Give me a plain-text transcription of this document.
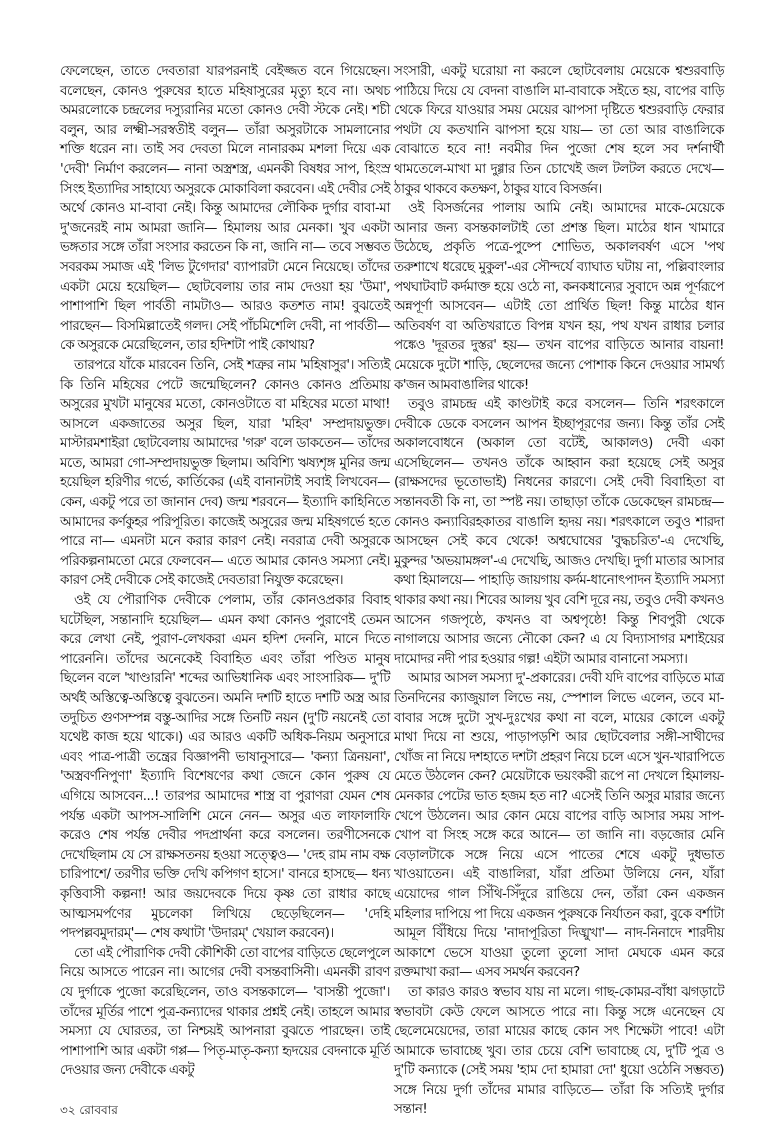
ফেলেছেন, তাতে দেবতারা যারপরনাই বেইজ্জত বনে গিয়েছেন। বলেছেন, কোনও পুরুষের হাতে মহিষাসুরের মৃত্যু হবে না। অথচ অমরলোকে চন্দ্রলের দস্যুরানির মতো কোনও দেবী স্টকে নেই। শচী বলুন, আর লক্ষ্মী-সরস্বতীই বলুন— তাঁরা অসুরটাকে সামলানোর শক্তি ধরেন না। তাই সব দেবতা মিলে নানারকম মশলা দিয়ে এক 'দেবী' নির্মাণ করলেন— নানা অস্ত্রশস্ত্র, এমনকী বিষধর সাপ, হিংস্র সিংহ ইত্যাদির সাহায্যে অসুরকে মোকাবিলা করবেন। এই দেবীর সেই অর্থে কোনও মা-বাবা নেই। কিন্তু আমাদের লৌকিক দুর্গার বাবা-মা দু'জনেরই নাম আমরা জানি— হিমালয় আর মেনকা। খুব একটা ভঙ্গতার সঙ্গে তাঁরা সংসার করতেন কি না, জানি না— তবে সম্ভবত সবরকম সমাজ এই 'লিভ টুগেদার' ব্যাপারটা মেনে নিয়েছে। তাঁদের একটা মেয়ে হয়েছিল— ছোটবেলায় তার নাম দেওয়া হয় 'উমা', পাশাপাশি ছিল পার্বতী নামটাও— আরও কতশত নাম! বুঝতেই পারছেন— বিসমিল্লাতেই গলদ। সেই পাঁচমিশেলি দেবী, না পার্বতী— কে অসুরকে মেরেছিলেন, তার হদিশটা পাই কোথায়?

তারপরে যাঁকে মারবেন তিনি, সেই শত্রুর নাম 'মহিষাসুর'। সত্যিই কি তিনি মহিষের পেটে জন্মেছিলেন? কোনও কোনও প্রতিমায় অসুরের মুখটা মানুষের মতো, কোনওটাতে বা মহিষের মতো মাথা! আসলে একজাতের অসুর ছিল, যারা 'মহিব' সম্প্রদায়ভুক্ত। মাস্টারমশাইরা ছোটবেলায় আমাদের 'গরু' বলে ডাকতেন— তাঁদের মতে, আমরা গো-সম্প্রদায়ভুক্ত ছিলাম। অবিশ্যি ঋষ্যশৃঙ্গ মুনির জন্ম হয়েছিল হরিণীর গর্ভে, কার্তিকের (এই বানানটাই সবাই লিখবেন— কেন, একটু পরে তা জানান দেব) জন্ম শরবনে— ইত্যাদি কাহিনিতে আমাদের কর্ণকুহর পরিপূরিত। কাজেই অসুরের জন্ম মহিষগর্ভে হতে পারে না— এমনটা মনে করার কারণ নেই। নবরাত্র দেবী অসুরকে পরিকল্পনামতো মেরে ফেলবেন— এতে আমার কোনও সমস্যা নেই। কারণ সেই দেবীকে সেই কাজেই দেবতারা নিযুক্ত করেছেন।

ওই যে পৌরাণিক দেবীকে পেলাম, তাঁর কোনওপ্রকার বিবাহ ঘটেছিল, সন্তানাদি হয়েছিল— এমন কথা কোনও পুরাণেই তেমন করে লেখা নেই, পুরাণ-লেখকরা এমন হদিশ দেননি, মানে দিতে পারেননি। তাঁদের অনেকেই বিবাহিত এবং তাঁরা পণ্ডিত মানুষ ছিলেন বলে 'খাণ্ডারনি' শব্দের আভিধানিক এবং সাংসারিক— দু'টি অর্থই অস্তিত্বে-অস্তিত্বে বুঝতেন। অমনি দশটি হাতে দশটি অস্ত্র আর তদুচিত গুণসম্পন্ন বস্তু-আদির সঙ্গে তিনটি নয়ন (দু'টি নয়নেই তো যথেষ্ট কাজ হয়ে থাকে।) এর আরও একটি অধিক-নিয়ম অনুসারে এবং পাত্র-পাত্রী তন্ত্রের বিজ্ঞাপনী ভাষানুসারে— 'কন্যা ত্রিনয়না', 'অস্ত্রবর্ণনিপুণা' ইত্যাদি বিশেষণের কথা জেনে কোন পুরুষ যে এগিয়ে আসবেন...! তারপর আমাদের শাস্ত্র বা পুরাণরা যেমন শেষ পর্যন্ত একটা আপস-সালিশি মেনে নেন— অসুর এত লাফালাফি করেও শেষ পর্যন্ত দেবীর পদপ্রার্থনা করে বসলেন। তরণীসেনকে দেখেছিলাম যে সে রাক্ষসতনয় হওয়া সত্ত্বেও— 'দেহ রাম নাম বক্ষ চারিপাশে/ তরণীর ভক্তি দেখি কপিগণ হাসে।' বানরে হাসছে— ধন্য কৃত্তিবাসী কল্পনা! আর জয়দেবকে দিয়ে কৃষ্ণ তো রাধার কাছে আত্মসমর্পণের মুচলেকা লিখিয়ে ছেড়েছিলেন— 'দেহি পদপল্লবমুদারম্'— শেষ কথাটা 'উদারম্' খেয়াল করবেন)।

তো এই পৌরাণিক দেবী কৌশিকী তো বাপের বাড়িতে ছেলেপুলে নিয়ে আসতে পারেন না। আগের দেবী বসন্তবাসিনী। এমনকী রাবণ যে দুর্গাকে পুজো করেছিলেন, তাও বসন্তকালে— 'বাসন্তী পুজো'। তাঁদের মূর্তির পাশে পুত্র-কন্যাদের থাকার প্রশ্নই নেই। তাহলে আমার সমস্যা যে ঘোরতর, তা নিশ্চয়ই আপনারা বুঝতে পারছেন। তাই পাশাপাশি আর একটা গপ্প— পিতৃ-মাতৃ-কন্যা হৃদয়ের বেদনাকে মূর্তি দেওয়ার জন্য দেবীকে একটু

সংসারী, একটু ঘরোয়া না করলে ছোটবেলায় মেয়েকে শ্বশুরবাড়ি পাঠিয়ে দিয়ে যে বেদনা বাঙালি মা-বাবাকে সইতে হয়, বাপের বাড়ি থেকে ফিরে যাওয়ার সময় মেয়ের ঝাপসা দৃষ্টিতে শ্বশুরবাড়ি ফেরার পথটা যে কতখানি ঝাপসা হয়ে যায়— তা তো আর বাঙালিকে বোঝাতে হবে না! নবমীর দিন পুজো শেষ হলে সব দর্শনার্থী থামতেলে-মাখা মা দুগ্গার তিন চোখেই জল টলটল করতে দেখে— ঠাকুর থাকবে কতক্ষণ, ঠাকুর যাবে বিসর্জন।

ওই বিসর্জনের পালায় আমি নেই। আমাদের মাকে-মেয়েকে আনার জন্য বসন্তকালটাই তো প্রশস্ত ছিল। মাঠের ধান খামারে উঠেছে, প্রকৃতি পত্রে-পুষ্পে শোভিত, অকালবর্ষণ এসে 'পথ তরুশাখে ধরেছে মুকুল'-এর সৌন্দর্যে ব্যাঘাত ঘটায় না, পল্লিবাংলার পথঘাটবাট কর্দমাক্ত হয়ে ওঠে না, কনকধান্যের সুবাদে অন্ন পূর্ণরূপে অন্নপূর্ণা আসবেন— এটাই তো প্রার্থিত ছিল! কিন্তু মাঠের ধান অতিবর্ষণ বা অতিখরাতে বিপন্ন যখন হয়, পথ যখন রাধার চলার পঙ্কেও 'দূরতর দুস্তর' হয়— তখন বাপের বাড়িতে আনার বায়না! মেয়েকে দুটো শাড়ি, ছেলেদের জন্যে পোশাক কিনে দেওয়ার সামর্থ্য ক'জন আমবাঙালির থাকে!

তবুও রামচন্দ্র এই কাণ্ডটাই করে বসলেন— তিনি শরৎকালে দেবীকে ডেকে বসলেন আপন ইচ্ছাপূরণের জন্য। কিন্তু তাঁর সেই অকালবোধনে (অকাল তো বটেই, আকালও) দেবী একা এসেছিলেন— তখনও তাঁকে আহ্বান করা হয়েছে সেই অসুর (রাক্ষসদের ভূতোভাই) নিধনের কারণে। সেই দেবী বিবাহিতা বা সন্তানবতী কি না, তা স্পষ্ট নয়। তাছাড়া তাঁকে ডেকেছেন রামচন্দ্র— কোনও কন্যাবিরহকাতর বাঙালি হৃদয় নয়। শরৎকালে তবুও শারদা আসছেন সেই কবে থেকে! অশ্বঘোষের 'বুদ্ধচরিত'-এ দেখেছি, মুকুন্দর 'অভয়ামঙ্গল'-এ দেখেছি, আজও দেখছি। দুর্গা মাতার আসার কথা হিমালয়ে— পাহাড়ি জায়গায় কর্দম-ধানোৎপাদন ইত্যাদি সমস্যা থাকার কথা নয়। শিবের আলয় খুব বেশি দূরে নয়, তবুও দেবী কখনও আসেন গজপৃষ্ঠে, কখনও বা অশ্বপৃষ্ঠে! কিন্তু শিবপুরী থেকে নাগালয়ে আসার জন্যে নৌকো কেন? এ যে বিদ্যাসাগর মশাইয়ের দামোদর নদী পার হওয়ার গল্প! এইটা আমার বানানো সমস্যা।

আমার আসল সমস্যা দু'-প্রকারের। দেবী যদি বাপের বাড়িতে মাত্র তিনদিনের ক্যাজুয়াল লিভে নয়, স্পেশাল লিভে এলেন, তবে মা-বাবার সঙ্গে দুটো সুখ-দুঃখের কথা না বলে, মায়ের কোলে একটু মাথা দিয়ে না শুয়ে, পাড়াপড়শি আর ছোটবেলার সঙ্গী-সাথীদের খোঁজ না নিয়ে দশহাতে দশটা প্রহরণ নিয়ে চলে এসে খুন-খারাপিতে মেতে উঠলেন কেন? মেয়েটাকে ভয়ংকরী রূপে না দেখলে হিমালয়-মেনকার পেটের ভাত হজম হত না? এসেই তিনি অসুর মারার জন্যে খেপে উঠলেন। আর কোন মেয়ে বাপের বাড়ি আসার সময় সাপ-খোপ বা সিংহ সঙ্গে করে আনে— তা জানি না। বড়জোর মেনি বেড়ালটাকে সঙ্গে নিয়ে এসে পাতের শেষে একটু দুধভাত খাওয়াতেন। এই বাঙালিরা, যাঁরা প্রতিমা উলিয়ে নেন, যাঁরা এয়োদের গাল সিঁথি-সিঁদুরে রাঙিয়ে দেন, তাঁরা কেন একজন মহিলার দাপিয়ে পা দিয়ে একজন পুরুষকে নির্যাতন করা, বুকে বর্শাটা আমূল বিঁধিয়ে দিয়ে 'নাদাপূরিতা দিঙ্মুখা'— নাদ-নিনাদে শারদীয় আকাশে ভেসে যাওয়া তুলো তুলো সাদা মেঘকে এমন করে রক্তমাখা করা— এসব সমর্থন করবেন?

তা কারও কারও স্বভাব যায় না মলে। গাছ-কোমর-বাঁধা ঝগড়াটে স্বভাবটা কেউ ফেলে আসতে পারে না। কিন্তু সঙ্গে এনেছেন যে ছেলেমেয়েদের, তারা মায়ের কাছে কোন সৎ শিক্ষেটা পাবে! এটা আমাকে ভাবাচ্ছে খুব। তার চেয়ে বেশি ভাবাচ্ছে যে, দু'টি পুত্র ও দু'টি কন্যাকে (সেই সময় 'হাম দো হামারা দো' ধুয়ো ওঠেনি সম্ভবত) সঙ্গে নিয়ে দুর্গা তাঁদের মামার বাড়িতে— তাঁরা কি সত্যিই দুর্গার সন্তান!

৩২ রোববার
